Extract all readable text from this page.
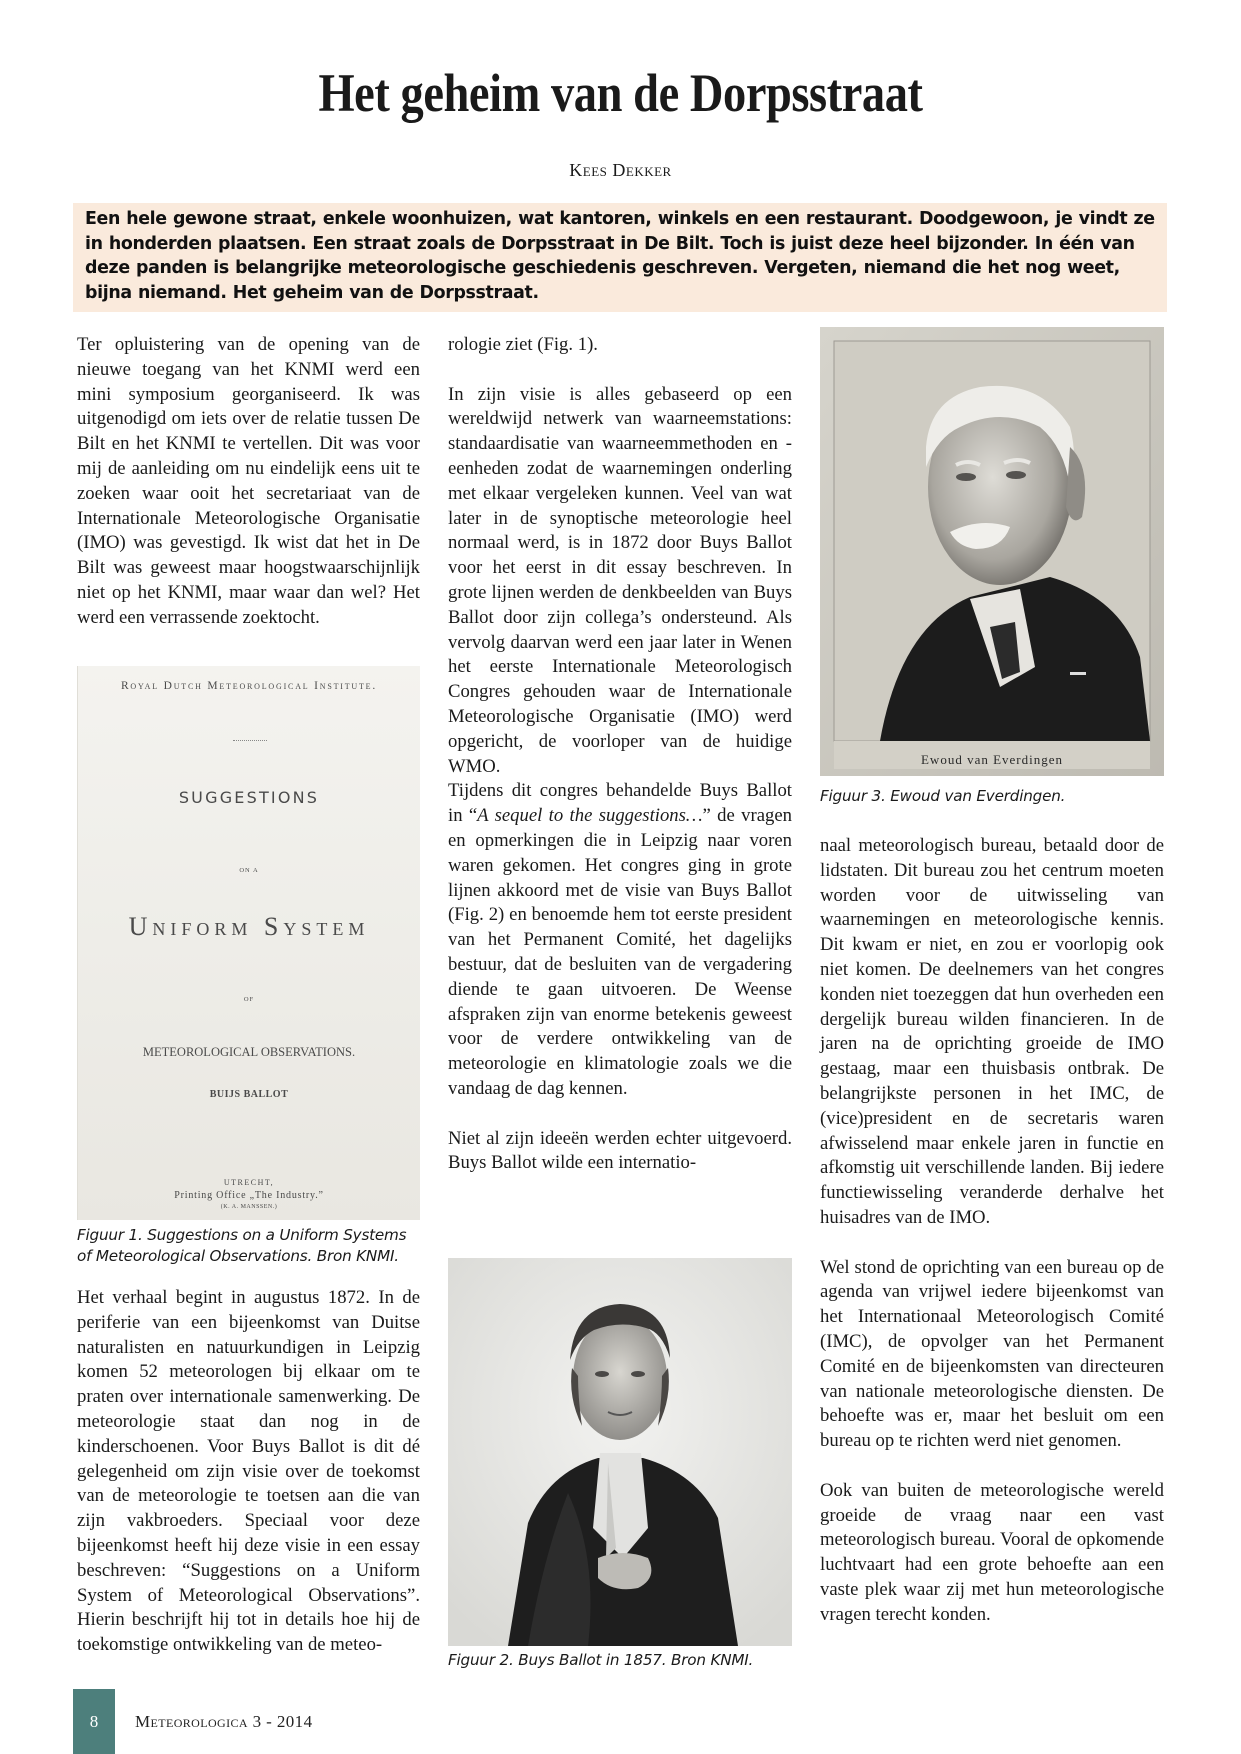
Het geheim van de Dorpsstraat
Kees Dekker
Een hele gewone straat, enkele woonhuizen, wat kantoren, winkels en een restaurant. Doodgewoon, je vindt ze in honderden plaatsen. Een straat zoals de Dorpsstraat in De Bilt. Toch is juist deze heel bijzonder. In één van deze panden is belangrijke meteorologische geschiedenis geschreven. Vergeten, niemand die het nog weet, bijna niemand. Het geheim van de Dorpsstraat.

Ter opluistering van de opening van de nieuwe toegang van het KNMI werd een mini symposium georganiseerd. Ik was uitgenodigd om iets over de relatie tussen De Bilt en het KNMI te vertellen. Dit was voor mij de aanleiding om nu eindelijk eens uit te zoeken waar ooit het secretariaat van de Internationale Meteorologische Organisatie (IMO) was gevestigd. Ik wist dat het in De Bilt was geweest maar hoogstwaarschijnlijk niet op het KNMI, maar waar dan wel? Het werd een verrassende zoektocht.

Royal Dutch Meteorological Institute.
SUGGESTIONS
ON A
Uniform System
OF
METEOROLOGICAL OBSERVATIONS.
BUIJS BALLOT
UTRECHT,
Printing Office „The Industry.”
(K. A. MANSSEN.)
Figuur 1. Suggestions on a Uniform Systems of Meteorological Observations. Bron KNMI.

Het verhaal begint in augustus 1872. In de periferie van een bijeenkomst van Duitse naturalisten en natuurkundigen in Leipzig komen 52 meteorologen bij elkaar om te praten over internationale samenwerking. De meteorologie staat dan nog in de kinderschoenen. Voor Buys Ballot is dit dé gelegenheid om zijn visie over de toekomst van de meteorologie te toetsen aan die van zijn vakbroeders. Speciaal voor deze bijeenkomst heeft hij deze visie in een essay beschreven: “Suggestions on a Uniform System of Meteorological Observations”. Hierin beschrijft hij tot in details hoe hij de toekomstige ontwikkeling van de meteo-

rologie ziet (Fig. 1).

In zijn visie is alles gebaseerd op een wereldwijd netwerk van waarneemstations: standaardisatie van waarneemmethoden en -eenheden zodat de waarnemingen onderling met elkaar vergeleken kunnen. Veel van wat later in de synoptische meteorologie heel normaal werd, is in 1872 door Buys Ballot voor het eerst in dit essay beschreven. In grote lijnen werden de denkbeelden van Buys Ballot door zijn collega’s ondersteund. Als vervolg daarvan werd een jaar later in Wenen het eerste Internationale Meteorologisch Congres gehouden waar de Internationale Meteorologische Organisatie (IMO) werd opgericht, de voorloper van de huidige WMO.

Tijdens dit congres behandelde Buys Ballot in “A sequel to the suggestions…” de vragen en opmerkingen die in Leipzig naar voren waren gekomen. Het congres ging in grote lijnen akkoord met de visie van Buys Ballot (Fig. 2) en benoemde hem tot eerste president van het Permanent Comité, het dagelijks bestuur, dat de besluiten van de vergadering diende te gaan uitvoeren. De Weense afspraken zijn van enorme betekenis geweest voor de verdere ontwikkeling van de meteorologie en klimatologie zoals we die vandaag de dag kennen.

Niet al zijn ideeën werden echter uitgevoerd. Buys Ballot wilde een internatio-

Figuur 2. Buys Ballot in 1857. Bron KNMI.
Ewoud van Everdingen
Figuur 3. Ewoud van Everdingen.

naal meteorologisch bureau, betaald door de lidstaten. Dit bureau zou het centrum moeten worden voor de uitwisseling van waarnemingen en meteorologische kennis. Dit kwam er niet, en zou er voorlopig ook niet komen. De deelnemers van het congres konden niet toezeggen dat hun overheden een dergelijk bureau wilden financieren. In de jaren na de oprichting groeide de IMO gestaag, maar een thuisbasis ontbrak. De belangrijkste personen in het IMC, de (vice)president en de secretaris waren afwisselend maar enkele jaren in functie en afkomstig uit verschillende landen. Bij iedere functiewisseling veranderde derhalve het huisadres van de IMO.

Wel stond de oprichting van een bureau op de agenda van vrijwel iedere bijeenkomst van het Internationaal Meteorologisch Comité (IMC), de opvolger van het Permanent Comité en de bijeenkomsten van directeuren van nationale meteorologische diensten. De behoefte was er, maar het besluit om een bureau op te richten werd niet genomen.

Ook van buiten de meteorologische wereld groeide de vraag naar een vast meteorologisch bureau. Vooral de opkomende luchtvaart had een grote behoefte aan een vaste plek waar zij met hun meteorologische vragen terecht konden.

8	Meteorologica 3 - 2014
